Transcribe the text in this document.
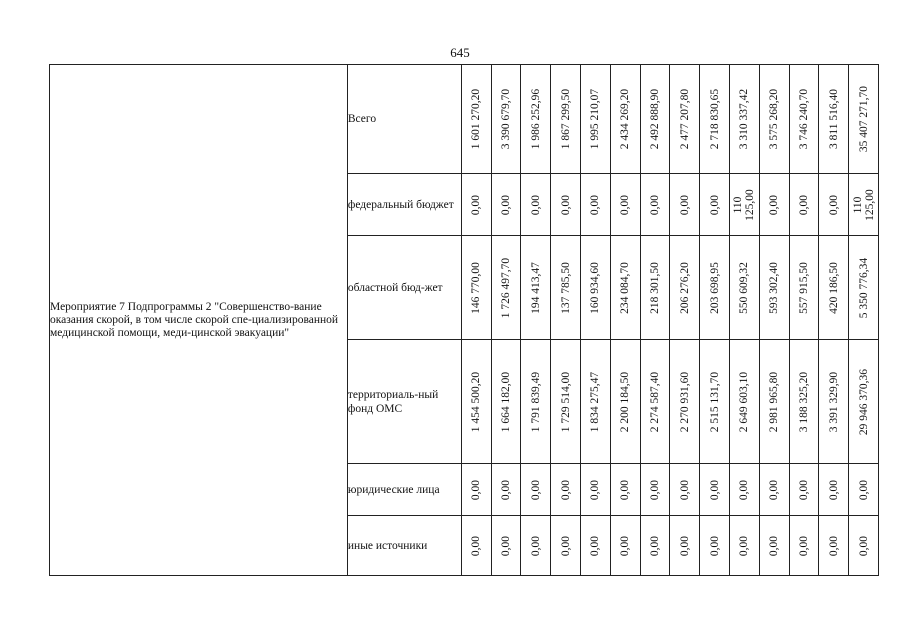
645
Мероприятие 7 Подпрограммы 2 "Совершенство-вание оказания скорой, в том числе скорой спе-циализированной медицинской помощи, меди-цинской эвакуации"	Всего	1 601 270,20	3 390 679,70	1 986 252,96	1 867 299,50	1 995 210,07	2 434 269,20	2 492 888,90	2 477 207,80	2 718 830,65	3 310 337,42	3 575 268,20	3 746 240,70	3 811 516,40	35 407 271,70

	федеральный бюджет	0,00	0,00	0,00	0,00	0,00	0,00	0,00	0,00	0,00	110 125,00	0,00	0,00	0,00	110 125,00

	областной бюд-жет	146 770,00	1 726 497,70	194 413,47	137 785,50	160 934,60	234 084,70	218 301,50	206 276,20	203 698,95	550 609,32	593 302,40	557 915,50	420 186,50	5 350 776,34

	территориаль-ный фонд ОМС	1 454 500,20	1 664 182,00	1 791 839,49	1 729 514,00	1 834 275,47	2 200 184,50	2 274 587,40	2 270 931,60	2 515 131,70	2 649 603,10	2 981 965,80	3 188 325,20	3 391 329,90	29 946 370,36

	юридические лица	0,00	0,00	0,00	0,00	0,00	0,00	0,00	0,00	0,00	0,00	0,00	0,00	0,00	0,00

	иные источники	0,00	0,00	0,00	0,00	0,00	0,00	0,00	0,00	0,00	0,00	0,00	0,00	0,00	0,00
